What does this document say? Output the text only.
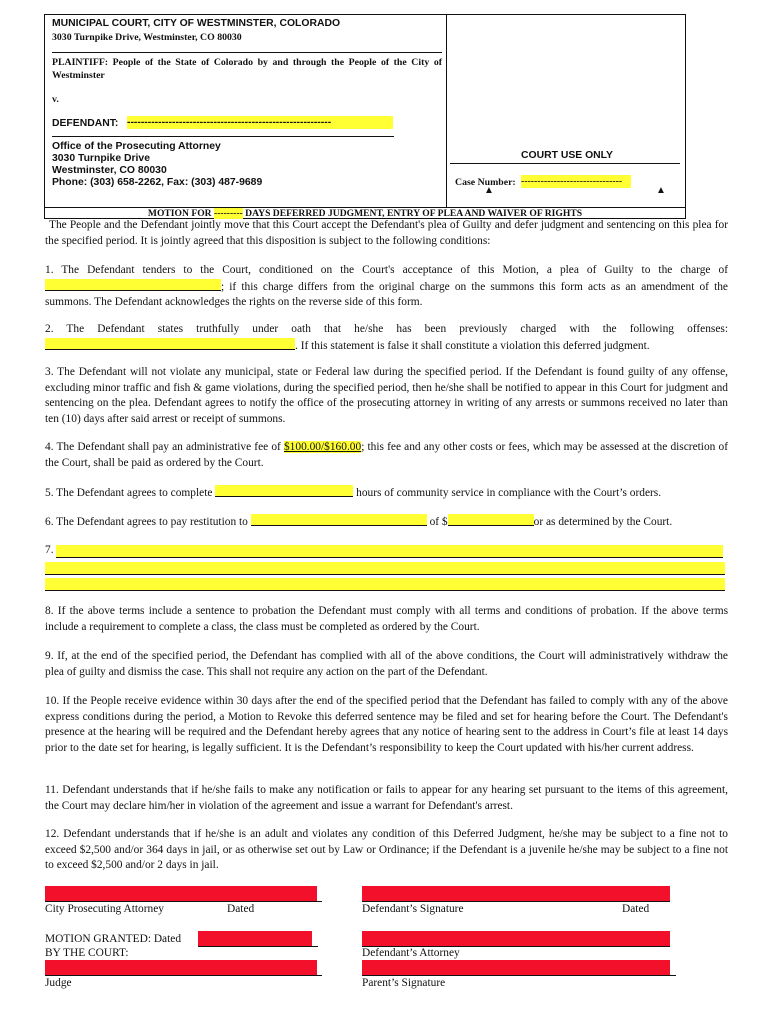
MUNICIPAL COURT, CITY OF WESTMINSTER, COLORADO
3030 Turnpike Drive, Westminster, CO 80030
PLAINTIFF: People of the State of Colorado by and through the People of the City of Westminster
v.
DEFENDANT: -----------------------------------------------------------
Office of the Prosecuting Attorney
3030 Turnpike Drive
Westminster, CO 80030
Phone: (303) 658-2262, Fax: (303) 487-9689
COURT USE ONLY
Case Number: -------------------------------
▲	▲
MOTION FOR --------- DAYS DEFERRED JUDGMENT, ENTRY OF PLEA AND WAIVER OF RIGHTS
The People and the Defendant jointly move that this Court accept the Defendant's plea of Guilty and defer judgment and sentencing on this plea for the specified period. It is jointly agreed that this disposition is subject to the following conditions:
1. The Defendant tenders to the Court, conditioned on the Court's acceptance of this Motion, a plea of Guilty to the charge of ; if this charge differs from the original charge on the summons this form acts as an amendment of the summons. The Defendant acknowledges the rights on the reverse side of this form.
2. The Defendant states truthfully under oath that he/she has been previously charged with the following offenses: . If this statement is false it shall constitute a violation this deferred judgment.
3. The Defendant will not violate any municipal, state or Federal law during the specified period. If the Defendant is found guilty of any offense, excluding minor traffic and fish & game violations, during the specified period, then he/she shall be notified to appear in this Court for judgment and sentencing on the plea. Defendant agrees to notify the office of the prosecuting attorney in writing of any arrests or summons received no later than ten (10) days after said arrest or receipt of summons.
4. The Defendant shall pay an administrative fee of $100.00/$160.00; this fee and any other costs or fees, which may be assessed at the discretion of the Court, shall be paid as ordered by the Court.
5. The Defendant agrees to complete	hours of community service in compliance with the Court’s orders.
6. The Defendant agrees to pay restitution to	of $	or as determined by the Court.
7.
8. If the above terms include a sentence to probation the Defendant must comply with all terms and conditions of probation. If the above terms include a requirement to complete a class, the class must be completed as ordered by the Court.
9. If, at the end of the specified period, the Defendant has complied with all of the above conditions, the Court will administratively withdraw the plea of guilty and dismiss the case. This shall not require any action on the part of the Defendant.
10. If the People receive evidence within 30 days after the end of the specified period that the Defendant has failed to comply with any of the above express conditions during the period, a Motion to Revoke this deferred sentence may be filed and set for hearing before the Court. The Defendant's presence at the hearing will be required and the Defendant hereby agrees that any notice of hearing sent to the address in Court’s file at least 14 days prior to the date set for hearing, is legally sufficient. It is the Defendant’s responsibility to keep the Court updated with his/her current address.
11. Defendant understands that if he/she fails to make any notification or fails to appear for any hearing set pursuant to the items of this agreement, the Court may declare him/her in violation of the agreement and issue a warrant for Defendant's arrest.
12. Defendant understands that if he/she is an adult and violates any condition of this Deferred Judgment, he/she may be subject to a fine not to exceed $2,500 and/or 364 days in jail, or as otherwise set out by Law or Ordinance; if the Defendant is a juvenile he/she may be subject to a fine not to exceed $2,500 and/or 2 days in jail.
City Prosecuting Attorney	Dated	Defendant’s Signature	Dated
MOTION GRANTED: Dated
BY THE COURT:	Defendant’s Attorney
Judge	Parent’s Signature
